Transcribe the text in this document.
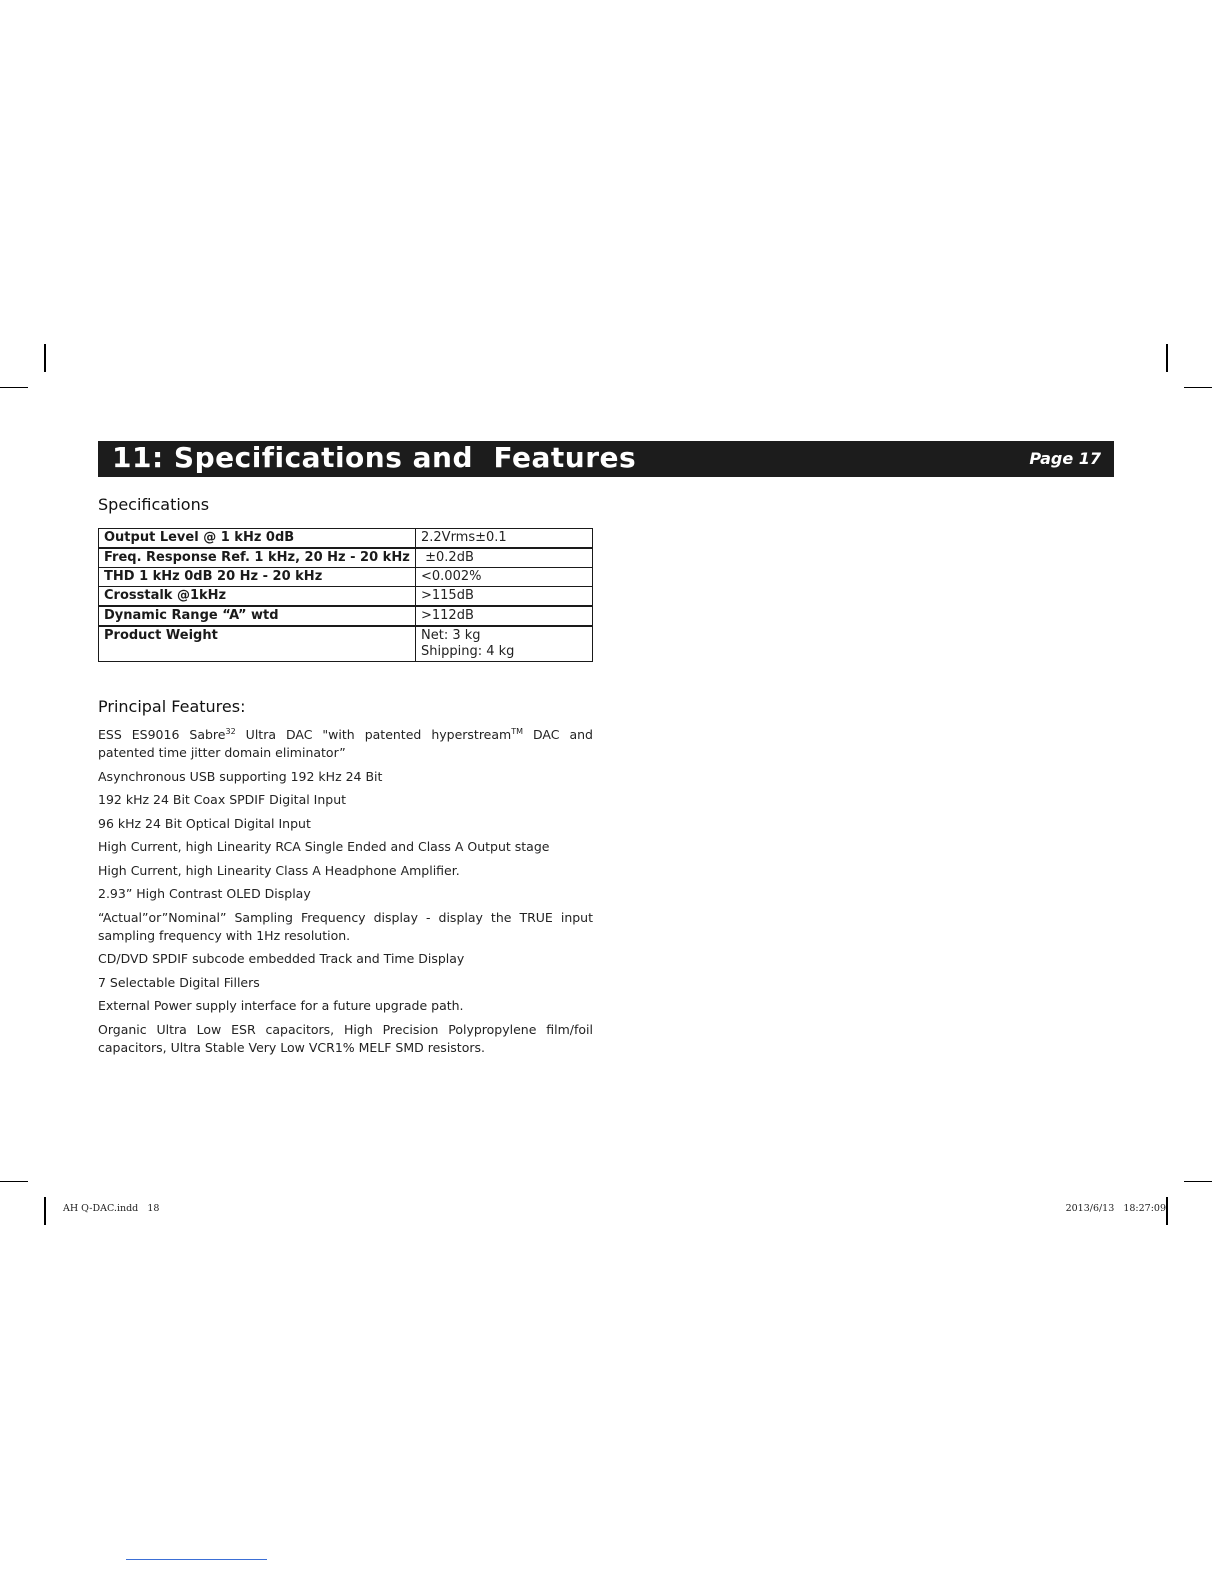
11: Specifications and  Features	Page 17
Specifications
Output Level @ 1 kHz 0dB	2.2Vrms±0.1
Freq. Response Ref. 1 kHz, 20 Hz - 20 kHz	±0.2dB
THD 1 kHz 0dB 20 Hz - 20 kHz	<0.002%
Crosstalk @1kHz	>115dB
Dynamic Range “A” wtd	>112dB
Product Weight	Net: 3 kg
Shipping: 4 kg
Principal Features:
ESS ES9016 Sabre$^{32}$ Ultra DAC "with patented hyperstream™ DAC and patented time jitter domain eliminator”
Asynchronous USB supporting 192 kHz 24 Bit
192 kHz 24 Bit Coax SPDIF Digital Input
96 kHz 24 Bit Optical Digital Input
High Current, high Linearity RCA Single Ended and Class A Output stage
High Current, high Linearity Class A Headphone Amplifier.
2.93” High Contrast OLED Display
“Actual”or”Nominal” Sampling Frequency display - display the TRUE input sampling frequency with 1Hz resolution.
CD/DVD SPDIF subcode embedded Track and Time Display
7 Selectable Digital Fillers
External Power supply interface for a future upgrade path.
Organic Ultra Low ESR capacitors, High Precision Polypropylene film/foil capacitors, Ultra Stable Very Low VCR1% MELF SMD resistors.
AH Q-DAC.indd   18	2013/6/13   18:27:09
